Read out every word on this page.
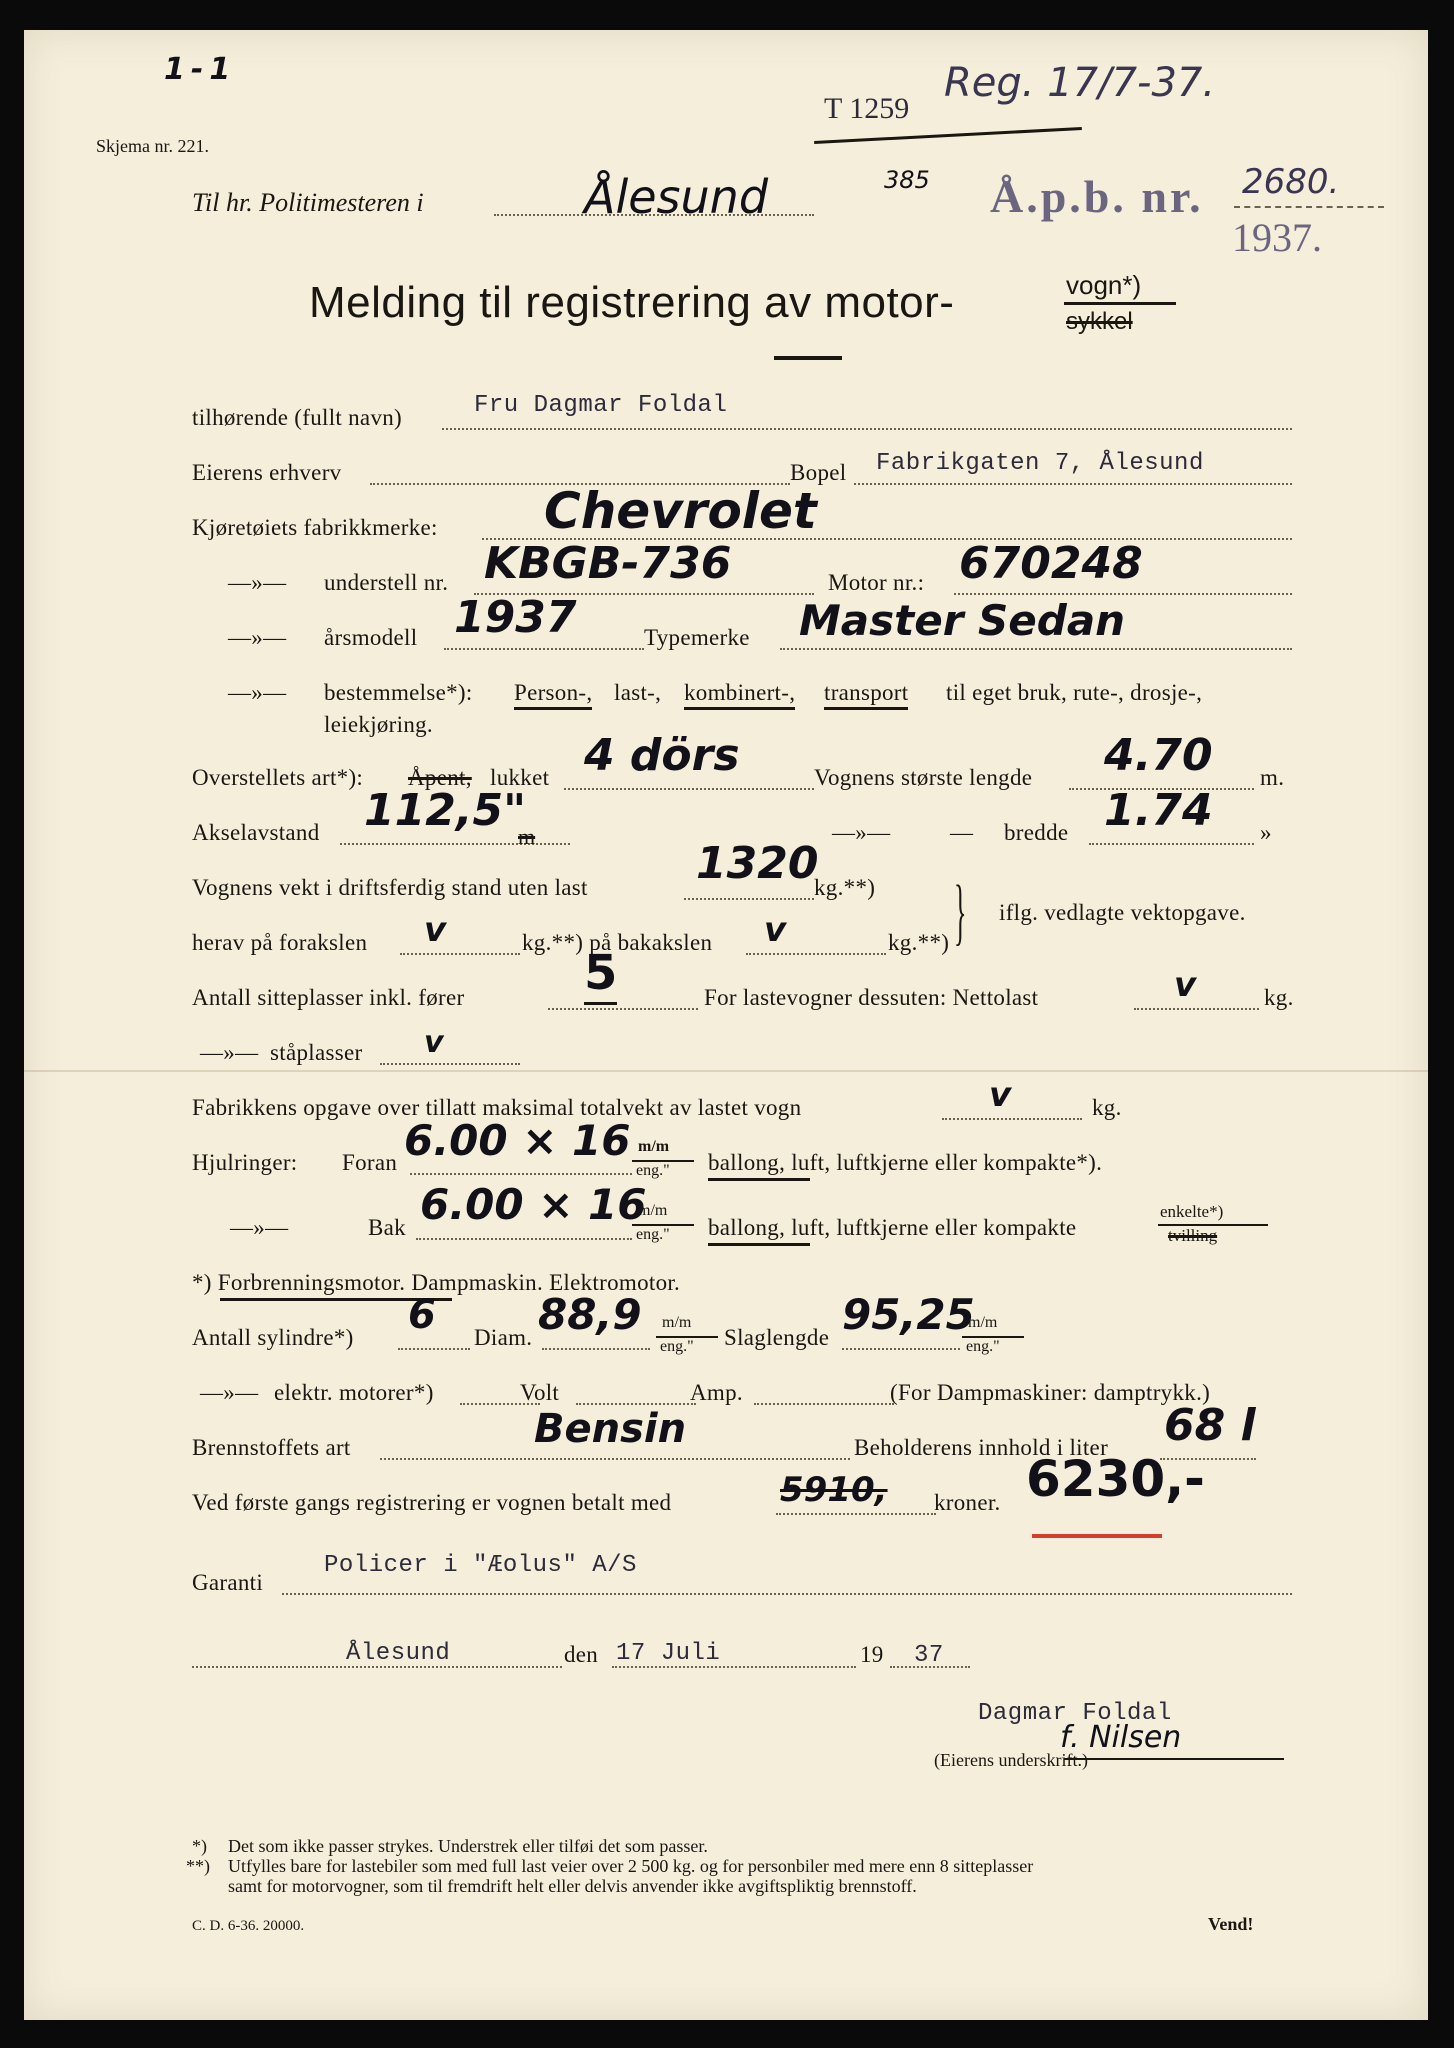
1-1
Skjema nr. 221.
Reg. 17/7-37.
T 1259
Til hr. Politimesteren i	Ålesund	385 Å.p.b. nr. 2680.
1937.
Melding til registrering av motor-	vogn*)
sykkel
tilhørende (fullt navn)	Fru Dagmar Foldal
Eierens erhverv	Bopel Fabrikgaten 7, Ålesund
Kjøretøiets fabrikkmerke: Chevrolet
—»— understell nr. KBGB-736	Motor nr.: 670248
—»— årsmodell 1937	Typemerke Master Sedan
—»— bestemmelse*): Person-, last-, kombinert-, transport til eget bruk, rute-, drosje-,
leiekjøring.
Overstellets art*): Åpent, lukket 4 dörs	Vognens største lengde 4.70 m.
Akselavstand 112,5"
m	—»—	— bredde 1.74 »
Vognens vekt i driftsferdig stand uten last 1320
kg.**) } iflg. vedlagte vektopgave.
herav på forakslen v	kg.**) på bakakslen v	kg.**)
Antall sitteplasser inkl. fører 5	For lastevogner dessuten: Nettolast	v	kg.
—»— ståplasser v
Fabrikkens opgave over tillatt maksimal totalvekt av lastet vogn	v	kg.
Hjulringer: Foran 6.00 × 16 m/m
eng." ballong, luft, luftkjerne eller kompakte*).
—»—	Bak 6.00 × 16
m/m
eng." ballong, luft, luftkjerne eller kompakte
enkelte*)
tvilling
*) Forbrenningsmotor. Dampmaskin. Elektromotor.
Antall sylindre*) 6 Diam. 88,9 m/m
eng." Slaglengde 95,25
m/m
eng."
—»— elektr. motorer*)	Volt	Amp.	(For Dampmaskiner: damptrykk.)
Brennstoffets art	Bensin	Beholderens innhold i liter 68 l
Ved første gangs registrering er vognen betalt med	5910, kroner. 6230,-
Garanti
Policer i "Æolus" A/S
Ålesund	den 17 Juli	19 37
Dagmar Foldal
f. Nilsen
(Eierens underskrift.)
*) Det som ikke passer strykes. Understrek eller tilføi det som passer.
**) Utfylles bare for lastebiler som med full last veier over 2 500 kg. og for personbiler med mere enn 8 sitteplasser
samt for motorvogner, som til fremdrift helt eller delvis anvender ikke avgiftspliktig brennstoff.
C. D. 6-36. 20000.	Vend!
